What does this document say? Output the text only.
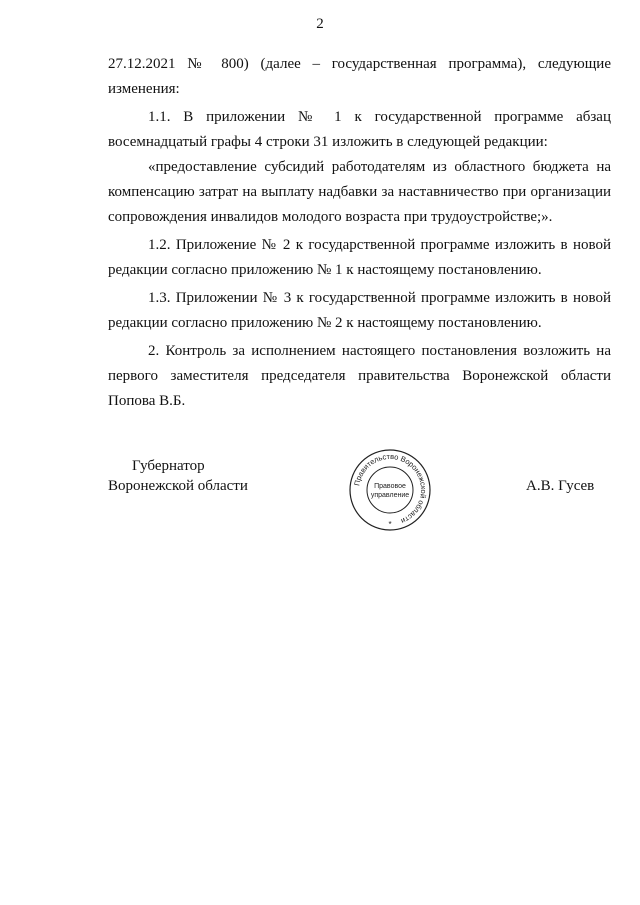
2

27.12.2021 № 800) (далее – государственная программа), следующие изменения:

1.1. В приложении № 1 к государственной программе абзац восемнадцатый графы 4 строки 31 изложить в следующей редакции:

«предоставление субсидий работодателям из областного бюджета на компенсацию затрат на выплату надбавки за наставничество при организации сопровождения инвалидов молодого возраста при трудоустройстве;».

1.2. Приложение № 2 к государственной программе изложить в новой редакции согласно приложению № 1 к настоящему постановлению.

1.3. Приложении № 3 к государственной программе изложить в новой редакции согласно приложению № 2 к настоящему постановлению.

2. Контроль за исполнением настоящего постановления возложить на первого заместителя председателя правительства Воронежской области Попова В.Б.

Губернатор
Воронежской области	Правительство Воронежской области
Правовое
управление
*
А.В. Гусев
